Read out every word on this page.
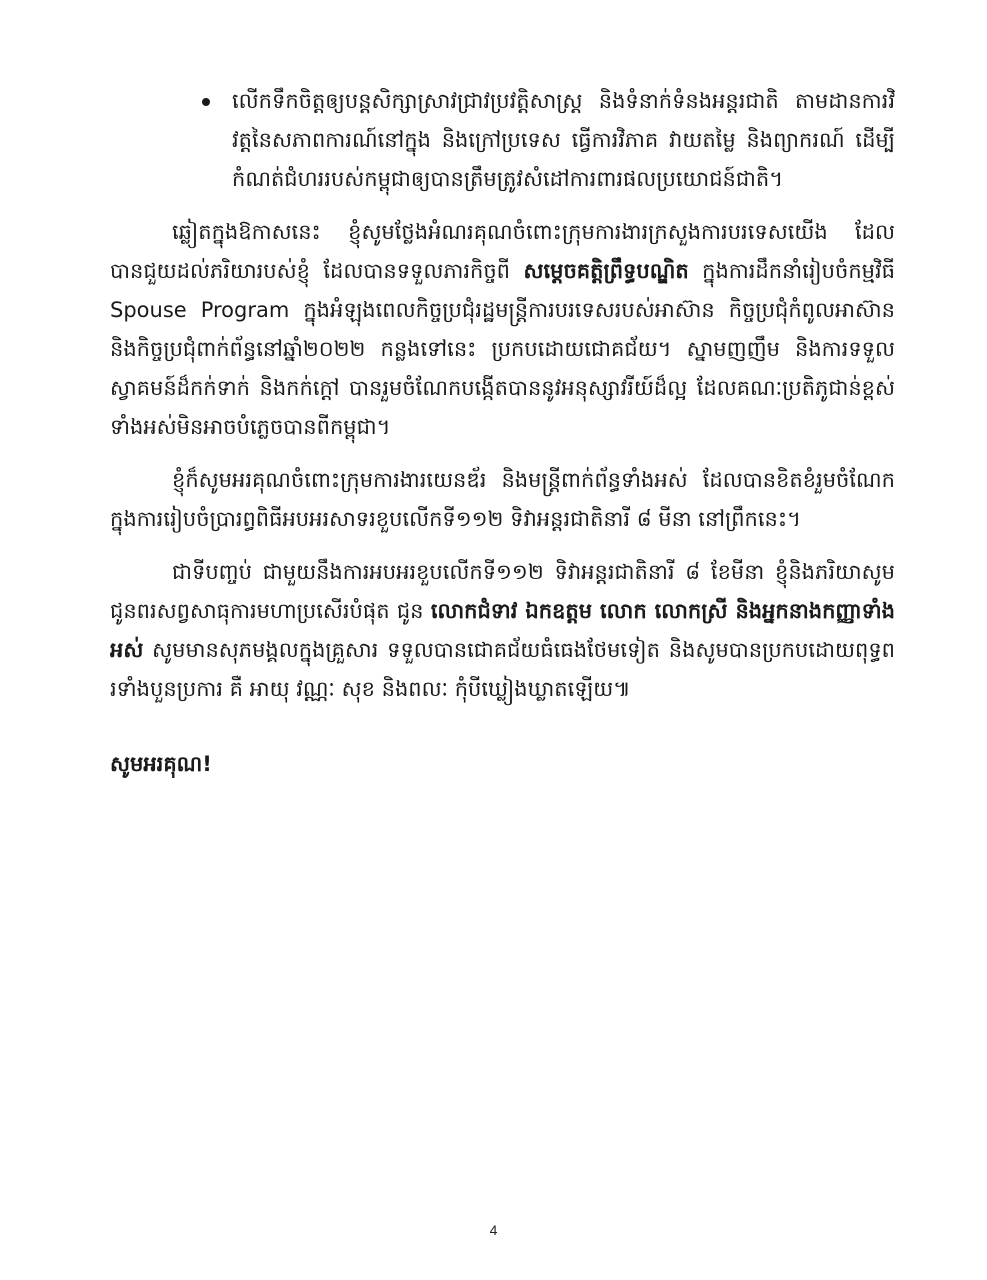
លើកទឹកចិត្តឲ្យបន្តសិក្សាស្រាវជ្រាវប្រវត្តិសាស្ត្រ និងទំនាក់ទំនងអន្តរជាតិ តាមដានការវិវត្តនៃសភាពការណ៍នៅក្នុង និងក្រៅប្រទេស ធ្វើការវិភាគ វាយតម្លៃ និងព្យាករណ៍ ដើម្បីកំណត់ជំហររបស់កម្ពុជាឲ្យបានត្រឹមត្រូវសំដៅការពារផលប្រយោជន៍ជាតិ។

ឆ្លៀតក្នុងឱកាសនេះ ខ្ញុំសូមថ្លែងអំណរគុណចំពោះក្រុមការងារក្រសួងការបរទេសយើង ដែលបានជួយដល់ភរិយារបស់ខ្ញុំ ដែលបានទទួលភារកិច្ចពី សម្តេចគត្តិព្រឹទ្ធបណ្ឌិត ក្នុងការដឹកនាំរៀបចំកម្មវិធី Spouse Program ក្នុងអំឡុងពេលកិច្ចប្រជុំរដ្ឋមន្ត្រីការបរទេសរបស់អាស៊ាន កិច្ចប្រជុំកំពូលអាស៊ាន និងកិច្ចប្រជុំពាក់ព័ន្ធនៅឆ្នាំ២០២២ កន្លងទៅនេះ ប្រកបដោយជោគជ័យ។ ស្នាមញញឹម និងការទទួលស្វាគមន៍ដ៏កក់ទាក់ និងកក់ក្តៅ បានរួមចំណែកបង្កើតបាននូវអនុស្សាវរីយ៍ដ៏ល្អ ដែលគណៈប្រតិភូជាន់ខ្ពស់ទាំងអស់មិនអាចបំភ្លេចបានពីកម្ពុជា។

ខ្ញុំក៏សូមអរគុណចំពោះក្រុមការងារយេនឌ័រ និងមន្ត្រីពាក់ព័ន្ធទាំងអស់ ដែលបានខិតខំរួមចំណែកក្នុងការរៀបចំប្រារព្ធពិធីអបអរសាទរខួបលើកទី១១២ ទិវាអន្តរជាតិនារី ៨ មីនា នៅព្រឹកនេះ។

ជាទីបញ្ចប់ ជាមួយនឹងការអបអរខួបលើកទី១១២ ទិវាអន្តរជាតិនារី ៨ ខែមីនា ខ្ញុំនិងភរិយាសូមជូនពរសព្វសាធុការមហាប្រសើរបំផុត ជូន លោកជំទាវ ឯកឧត្តម លោក លោកស្រី និងអ្នកនាងកញ្ញាទាំងអស់ សូមមានសុភមង្គលក្នុងគ្រួសារ ទទួលបានជោគជ័យធំធេងថែមទៀត និងសូមបានប្រកបដោយពុទ្ធពរទាំងបួនប្រការ គឺ អាយុ វណ្ណៈ សុខ និងពលៈ កុំបីឃ្លៀងឃ្លាតឡើយ៕

សូមអរគុណ!
4
